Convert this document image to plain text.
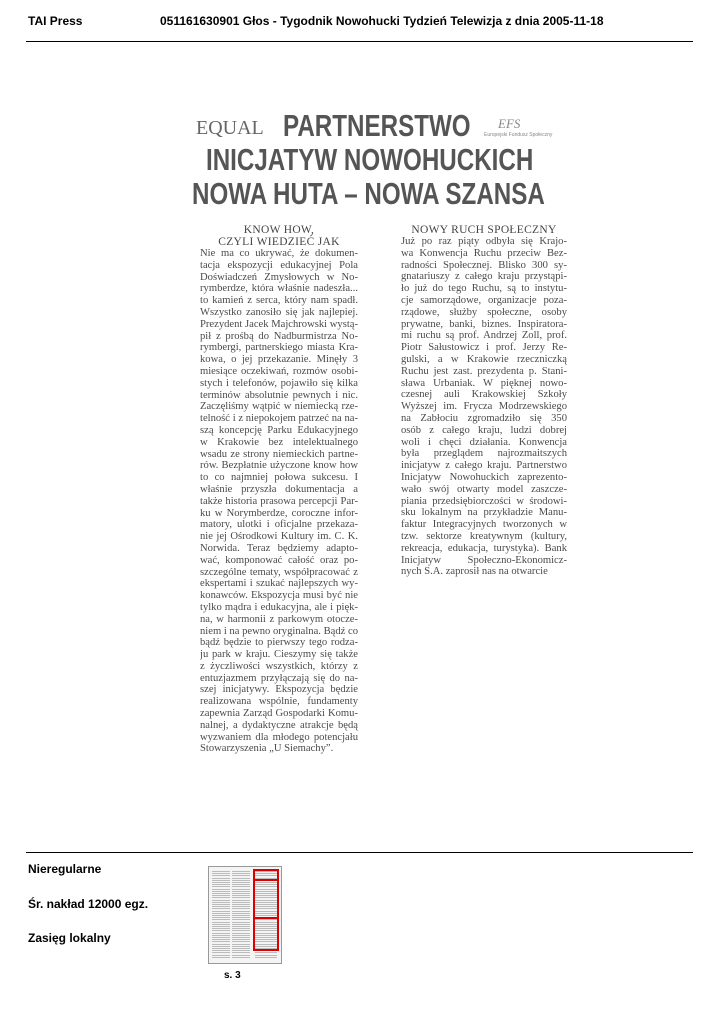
TAI Press	051161630901 Głos - Tygodnik Nowohucki Tydzień Telewizja z dnia 2005-11-18
EQUAL	EFS
Europejski Fundusz Społeczny
PARTNERSTWO
INICJATYW NOWOHUCKICH
NOWA HUTA – NOWA SZANSA
KNOW HOW,
CZYLI WIEDZIEĆ JAK
Nie ma co ukrywać, że dokumen-
tacja ekspozycji edukacyjnej Pola
Doświadczeń Zmysłowych w No-
rymberdze, która właśnie nadeszła...
to kamień z serca, który nam spadł.
Wszystko zanosiło się jak najlepiej.
Prezydent Jacek Majchrowski wystą-
pił z prośbą do Nadburmistrza No-
rymbergi, partnerskiego miasta Kra-
kowa, o jej przekazanie. Minęły 3
miesiące oczekiwań, rozmów osobi-
stych i telefonów, pojawiło się kilka
terminów absolutnie pewnych i nic.
Zaczęliśmy wątpić w niemiecką rze-
telność i z niepokojem patrzeć na na-
szą koncepcję Parku Edukacyjnego
w Krakowie bez intelektualnego
wsadu ze strony niemieckich partne-
rów. Bezpłatnie użyczone know how
to co najmniej połowa sukcesu. I
właśnie przyszła dokumentacja a
także historia prasowa percepcji Par-
ku w Norymberdze, coroczne infor-
matory, ulotki i oficjalne przekaza-
nie jej Ośrodkowi Kultury im. C. K.
Norwida. Teraz będziemy adapto-
wać, komponować całość oraz po-
szczególne tematy, współpracować z
ekspertami i szukać najlepszych wy-
konawców. Ekspozycja musi być nie
tylko mądra i edukacyjna, ale i pięk-
na, w harmonii z parkowym otocze-
niem i na pewno oryginalna. Bądź co
bądź będzie to pierwszy tego rodza-
ju park w kraju. Cieszymy się także
z życzliwości wszystkich, którzy z
entuzjazmem przyłączają się do na-
szej inicjatywy. Ekspozycja będzie
realizowana wspólnie, fundamenty
zapewnia Zarząd Gospodarki Komu-
nalnej, a dydaktyczne atrakcje będą
wyzwaniem dla młodego potencjału
Stowarzyszenia „U Siemachy”.
NOWY RUCH SPOŁECZNY
Już po raz piąty odbyła się Krajo-
wa Konwencja Ruchu przeciw Bez-
radności Społecznej. Blisko 300 sy-
gnatariuszy z całego kraju przystąpi-
ło już do tego Ruchu, są to instytu-
cje samorządowe, organizacje poza-
rządowe, służby społeczne, osoby
prywatne, banki, biznes. Inspiratora-
mi ruchu są prof. Andrzej Zoll, prof.
Piotr Sałustowicz i prof. Jerzy Re-
gulski, a w Krakowie rzeczniczką
Ruchu jest zast. prezydenta p. Stani-
sława Urbaniak. W pięknej nowo-
czesnej auli Krakowskiej Szkoły
Wyższej im. Frycza Modrzewskiego
na Zabłociu zgromadziło się 350
osób z całego kraju, ludzi dobrej
woli i chęci działania. Konwencja
była przeglądem najrozmaitszych
inicjatyw z całego kraju. Partnerstwo
Inicjatyw Nowohuckich zaprezento-
wało swój otwarty model zaszcze-
piania przedsiębiorczości w środowi-
sku lokalnym na przykładzie Manu-
faktur Integracyjnych tworzonych w
tzw. sektorze kreatywnym (kultury,
rekreacja, edukacja, turystyka). Bank
Inicjatyw Społeczno-Ekonomicz-
nych S.A. zaprosił nas na otwarcie
Nieregularne
Śr. nakład 12000 egz.
Zasięg lokalny
s. 3
